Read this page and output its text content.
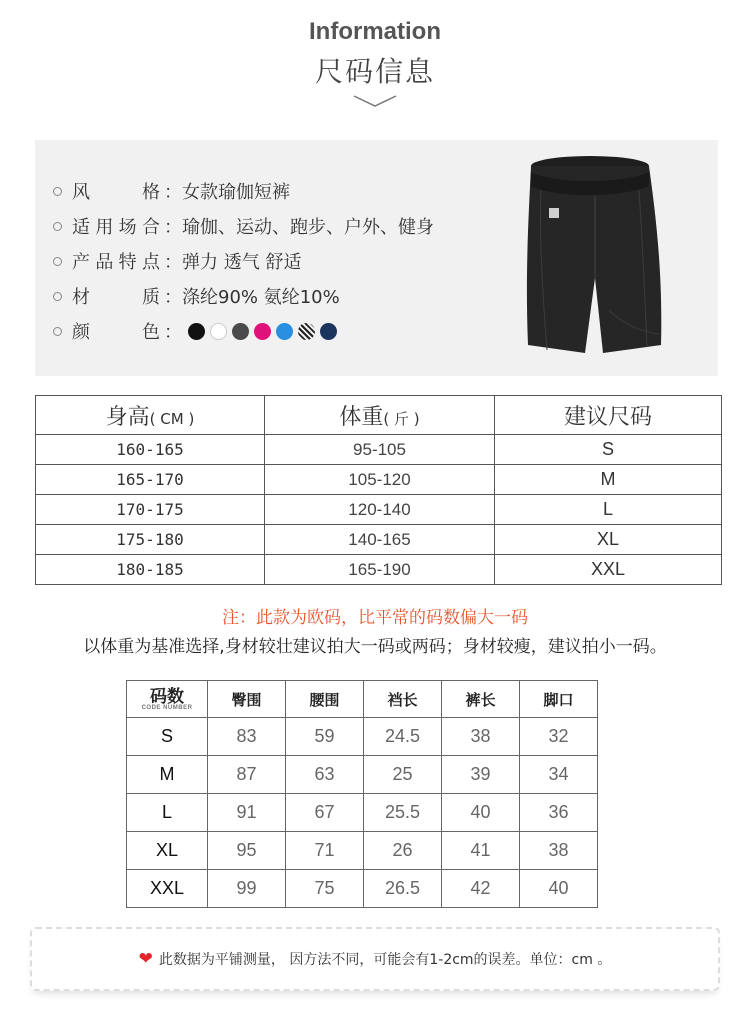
Information
尺码信息
风格 ：女款瑜伽短裤
适用场合 ：瑜伽、运动、跑步、户外、健身
产品特点 ：弹力 透气 舒适
材质 ：涤纶90% 氨纶10%
颜色 ：
身高( CM )	体重( 斤 )	建议尺码
160-165	95-105	S
165-170	105-120	M
170-175	120-140	L
175-180	140-165	XL
180-185	165-190	XXL
注：此款为欧码，比平常的码数偏大一码
以体重为基准选择,身材较壮建议拍大一码或两码；身材较瘦，建议拍小一码。
码数
CODE NUMBER	臀围	腰围	裆长	裤长	脚口
S	83	59	24.5	38	32
M	87	63	25	39	34
L	91	67	25.5	40	36
XL	95	71	26	41	38
XXL	99	75	26.5	42	40
❤ 此数据为平铺测量， 因方法不同，可能会有1-2cm的误差。单位：cm 。
